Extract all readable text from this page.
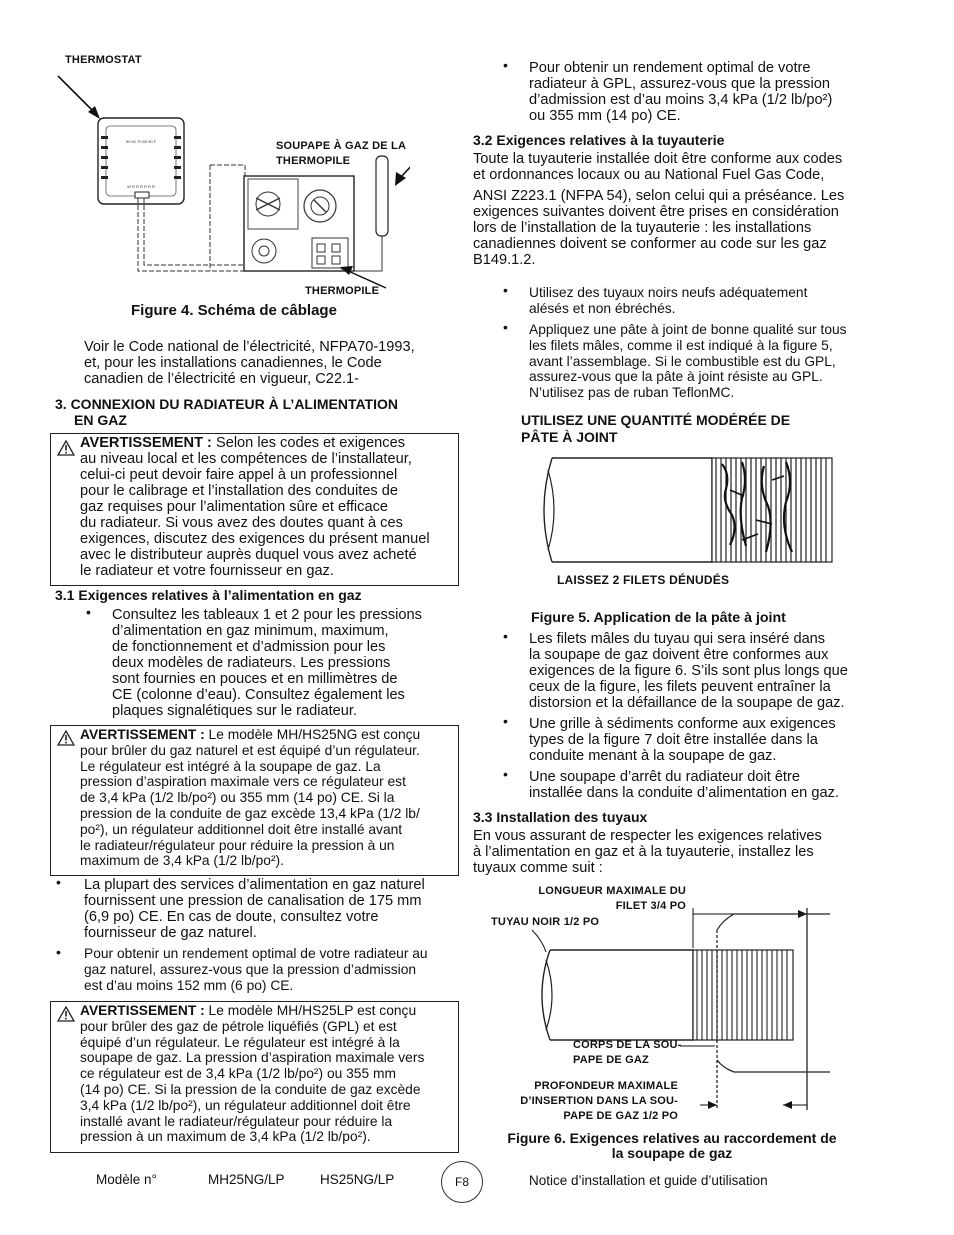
THERMOSTAT
50 60 70 80 90 F
W R R R R R R
SOUPAPE À GAZ DE LA
THERMOPILE
THERMOPILE
Figure 4. Schéma de câblage
Voir le Code national de l’électricité, NFPA70-1993,
et, pour les installations canadiennes, le Code
canadien de l’électricité en vigueur, C22.1-
3. CONNEXION DU RADIATEUR À L’ALIMENTATION
EN GAZ
AVERTISSEMENT : Selon les codes et exigences
au niveau local et les compétences de l’installateur,
celui-ci peut devoir faire appel à un professionnel
pour le calibrage et l’installation des conduites de
gaz requises pour l’alimentation sûre et efficace
du radiateur. Si vous avez des doutes quant à ces
exigences, discutez des exigences du présent manuel
avec le distributeur auprès duquel vous avez acheté
le radiateur et votre fournisseur en gaz.
3.1 Exigences relatives à l’alimentation en gaz
• Consultez les tableaux 1 et 2 pour les pressions
d’alimentation en gaz minimum, maximum,
de fonctionnement et d’admission pour les
deux modèles de radiateurs. Les pressions
sont fournies en pouces et en millimètres de
CE (colonne d’eau). Consultez également les
plaques signalétiques sur le radiateur.
AVERTISSEMENT : Le modèle MH/HS25NG est conçu
pour brûler du gaz naturel et est équipé d’un régulateur.
Le régulateur est intégré à la soupape de gaz. La
pression d’aspiration maximale vers ce régulateur est
de 3,4 kPa (1/2 lb/po²) ou 355 mm (14 po) CE. Si la
pression de la conduite de gaz excède 13,4 kPa (1/2 lb/
po²), un régulateur additionnel doit être installé avant
le radiateur/régulateur pour réduire la pression à un
maximum de 3,4 kPa (1/2 lb/po²).
• La plupart des services d’alimentation en gaz naturel
fournissent une pression de canalisation de 175 mm
(6,9 po) CE. En cas de doute, consultez votre
fournisseur de gaz naturel.
• Pour obtenir un rendement optimal de votre radiateur au
gaz naturel, assurez-vous que la pression d’admission
est d’au moins 152 mm (6 po) CE.
AVERTISSEMENT : Le modèle MH/HS25LP est conçu
pour brûler des gaz de pétrole liquéfiés (GPL) et est
équipé d’un régulateur. Le régulateur est intégré à la
soupape de gaz. La pression d’aspiration maximale vers
ce régulateur est de 3,4 kPa (1/2 lb/po²) ou 355 mm
(14 po) CE. Si la pression de la conduite de gaz excède
3,4 kPa (1/2 lb/po²), un régulateur additionnel doit être
installé avant le radiateur/régulateur pour réduire la
pression à un maximum de 3,4 kPa (1/2 lb/po²).
• Pour obtenir un rendement optimal de votre
radiateur à GPL, assurez-vous que la pression
d’admission est d’au moins 3,4 kPa (1/2 lb/po²)
ou 355 mm (14 po) CE.
3.2 Exigences relatives à la tuyauterie
Toute la tuyauterie installée doit être conforme aux codes
et ordonnances locaux ou au National Fuel Gas Code,
ANSI Z223.1 (NFPA 54), selon celui qui a préséance. Les
exigences suivantes doivent être prises en considération
lors de l’installation de la tuyauterie : les installations
canadiennes doivent se conformer au code sur les gaz
B149.1.2.
• Utilisez des tuyaux noirs neufs adéquatement
alésés et non ébréchés.
• Appliquez une pâte à joint de bonne qualité sur tous
les filets mâles, comme il est indiqué à la figure 5,
avant l’assemblage. Si le combustible est du GPL,
assurez-vous que la pâte à joint résiste au GPL.
N’utilisez pas de ruban TeflonMC.
UTILISEZ UNE QUANTITÉ MODÉRÉE DE
PÂTE À JOINT
LAISSEZ 2 FILETS DÉNUDÉS
Figure 5. Application de la pâte à joint
• Les filets mâles du tuyau qui sera inséré dans
la soupape de gaz doivent être conformes aux
exigences de la figure 6. S’ils sont plus longs que
ceux de la figure, les filets peuvent entraîner la
distorsion et la défaillance de la soupape de gaz.
• Une grille à sédiments conforme aux exigences
types de la figure 7 doit être installée dans la
conduite menant à la soupape de gaz.
• Une soupape d’arrêt du radiateur doit être
installée dans la conduite d’alimentation en gaz.
3.3 Installation des tuyaux
En vous assurant de respecter les exigences relatives
à l’alimentation en gaz et à la tuyauterie, installez les
tuyaux comme suit :
LONGUEUR MAXIMALE DU
FILET 3/4 PO
TUYAU NOIR 1/2 PO
CORPS DE LA SOU-
PAPE DE GAZ
PROFONDEUR MAXIMALE
D’INSERTION DANS LA SOU-
PAPE DE GAZ 1/2 PO
Figure 6. Exigences relatives au raccordement de
la soupape de gaz
Modèle n°	MH25NG/LP	HS25NG/LP	F8	Notice d’installation et guide d’utilisation
